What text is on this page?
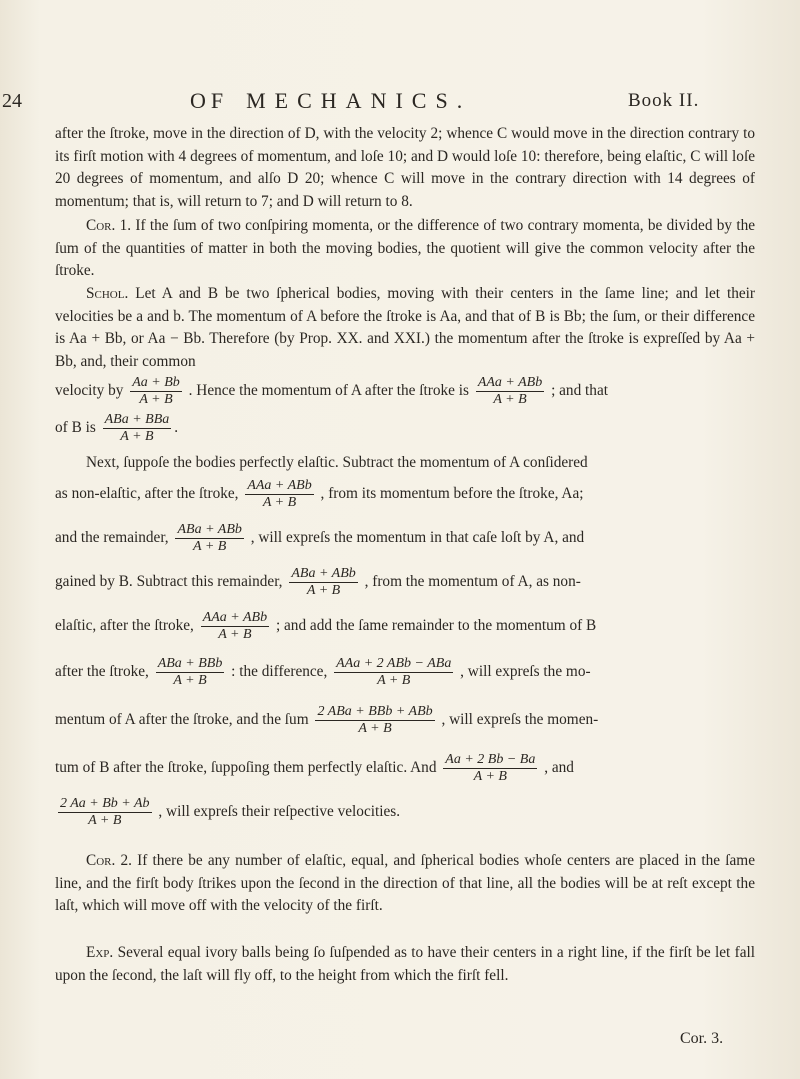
24	OF MECHANICS.	Book II.

after the ſtroke, move in the direction of D, with the velocity 2; whence C would move in the direction contrary to its firſt motion with 4 degrees of momentum, and loſe 10; and D would loſe 10: therefore, being elaſtic, C will loſe 20 degrees of momentum, and alſo D 20; whence C will move in the contrary direction with 14 degrees of momentum; that is, will return to 7; and D will return to 8.

Cor. 1. If the ſum of two conſpiring momenta, or the difference of two contrary momenta, be divided by the ſum of the quantities of matter in both the moving bodies, the quotient will give the common velocity after the ſtroke.

Schol. Let A and B be two ſpherical bodies, moving with their centers in the ſame line; and let their velocities be a and b. The momentum of A before the ſtroke is Aa, and that of B is Bb; the ſum, or their difference is Aa + Bb, or Aa − Bb. Therefore (by Prop. XX. and XXI.) the momentum after the ſtroke is expreſſed by Aa + Bb, and, their common

velocity by $\frac{Aa + Bb}{A + B}$ . Hence the momentum of A after the ſtroke is $\frac{\text{AAa + ABb}}{A + B}$ ; and that
of B is $\frac{\text{ABa + BBa}}{A + B}$ .

Next, ſuppoſe the bodies perfectly elaſtic. Subtract the momentum of A conſidered

as non-elaſtic, after the ſtroke, $\frac{\text{AAa + ABb}}{A + B}$ , from its momentum before the ſtroke, Aa;
and the remainder, $\frac{\text{ABa + ABb}}{A + B}$ , will expreſs the momentum in that caſe loſt by A, and
gained by B. Subtract this remainder, $\frac{\text{ABa + ABb}}{A + B}$ , from the momentum of A, as non-
elaſtic, after the ſtroke, $\frac{\text{AAa + ABb}}{A + B}$ ; and add the ſame remainder to the momentum of B
after the ſtroke, $\frac{\text{ABa + BBb}}{A + B}$ : the difference, $\frac{\text{AAa + 2 ABb − ABa}}{A + B}$ , will expreſs the mo-
mentum of A after the ſtroke, and the ſum $\frac{\text{2 ABa + BBb + ABb}}{A + B}$ , will expreſs the momen-
tum of B after the ſtroke, ſuppoſing them perfectly elaſtic. And $\frac{Aa + 2 Bb - Ba}{A + B}$ , and
$\frac{2 Aa + Bb + Ab}{A + B}$ , will expreſs their reſpective velocities.

Cor. 2. If there be any number of elaſtic, equal, and ſpherical bodies whoſe centers are placed in the ſame line, and the firſt body ſtrikes upon the ſecond in the direction of that line, all the bodies will be at reſt except the laſt, which will move off with the velocity of the firſt.

Exp. Several equal ivory balls being ſo ſuſpended as to have their centers in a right line, if the firſt be let fall upon the ſecond, the laſt will fly off, to the height from which the firſt fell.

Cor. 3.
